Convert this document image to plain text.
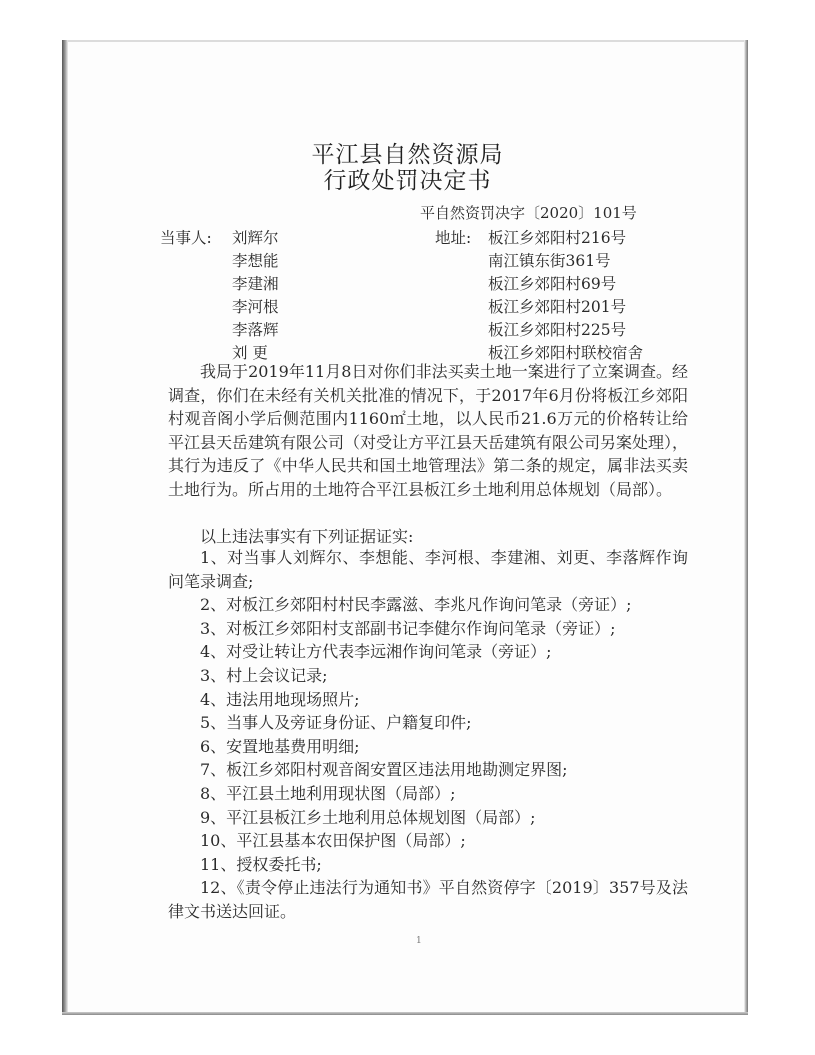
平江县自然资源局
行政处罚决定书
平自然资罚决字〔2020〕101号
当事人:	地址:
刘辉尔	板江乡郊阳村216号
李想能	南江镇东街361号
李建湘	板江乡郊阳村69号
李河根	板江乡郊阳村201号
李落辉	板江乡郊阳村225号
刘 更	板江乡郊阳村联校宿舍
我局于2019年11月8日对你们非法买卖土地一案进行了立案调查。经调查，你们在未经有关机关批准的情况下，于2017年6月份将板江乡郊阳村观音阁小学后侧范围内1160㎡土地，以人民币21.6万元的价格转让给平江县天岳建筑有限公司（对受让方平江县天岳建筑有限公司另案处理），其行为违反了《中华人民共和国土地管理法》第二条的规定，属非法买卖土地行为。所占用的土地符合平江县板江乡土地利用总体规划（局部）。
以上违法事实有下列证据证实:
1、对当事人刘辉尔、李想能、李河根、李建湘、刘更、李落辉作询问笔录调查;
2、对板江乡郊阳村村民李露滋、李兆凡作询问笔录（旁证）;
3、对板江乡郊阳村支部副书记李健尔作询问笔录（旁证）;
4、对受让转让方代表李远湘作询问笔录（旁证）;
3、村上会议记录;
4、违法用地现场照片;
5、当事人及旁证身份证、户籍复印件;
6、安置地基费用明细;
7、板江乡郊阳村观音阁安置区违法用地勘测定界图;
8、平江县土地利用现状图（局部）;
9、平江县板江乡土地利用总体规划图（局部）;
10、平江县基本农田保护图（局部）;
11、授权委托书;
12、《责令停止违法行为通知书》平自然资停字〔2019〕357号及法律文书送达回证。
1
